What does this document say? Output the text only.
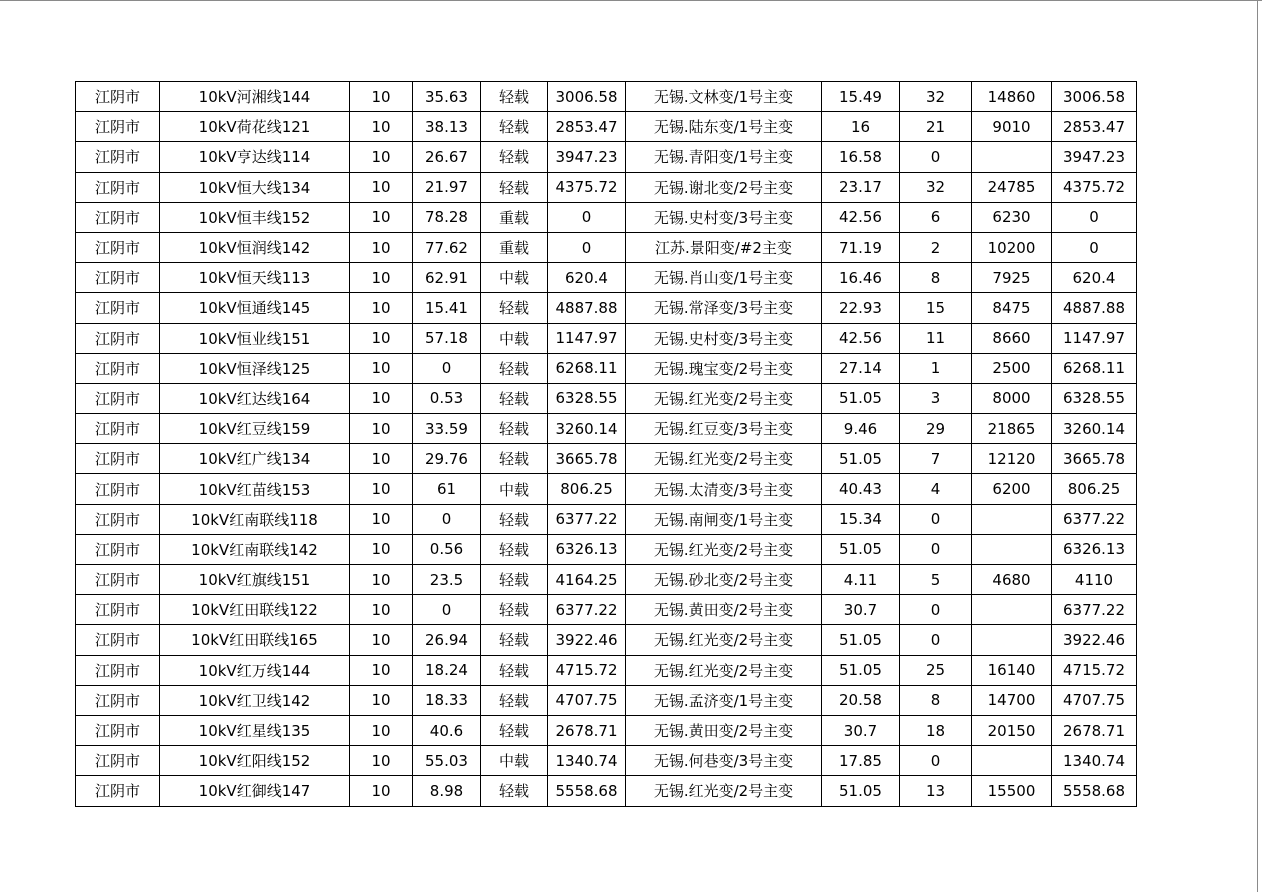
江阴市	10kV河湘线144	10	35.63	轻载	3006.58	无锡.文林变/1号主变	15.49	32	14860	3006.58
江阴市	10kV荷花线121	10	38.13	轻载	2853.47	无锡.陆东变/1号主变	16	21	9010	2853.47
江阴市	10kV亨达线114	10	26.67	轻载	3947.23	无锡.青阳变/1号主变	16.58	0		3947.23
江阴市	10kV恒大线134	10	21.97	轻载	4375.72	无锡.谢北变/2号主变	23.17	32	24785	4375.72
江阴市	10kV恒丰线152	10	78.28	重载	0	无锡.史村变/3号主变	42.56	6	6230	0
江阴市	10kV恒润线142	10	77.62	重载	0	江苏.景阳变/#2主变	71.19	2	10200	0
江阴市	10kV恒天线113	10	62.91	中载	620.4	无锡.肖山变/1号主变	16.46	8	7925	620.4
江阴市	10kV恒通线145	10	15.41	轻载	4887.88	无锡.常泽变/3号主变	22.93	15	8475	4887.88
江阴市	10kV恒业线151	10	57.18	中载	1147.97	无锡.史村变/3号主变	42.56	11	8660	1147.97
江阴市	10kV恒泽线125	10	0	轻载	6268.11	无锡.瑰宝变/2号主变	27.14	1	2500	6268.11
江阴市	10kV红达线164	10	0.53	轻载	6328.55	无锡.红光变/2号主变	51.05	3	8000	6328.55
江阴市	10kV红豆线159	10	33.59	轻载	3260.14	无锡.红豆变/3号主变	9.46	29	21865	3260.14
江阴市	10kV红广线134	10	29.76	轻载	3665.78	无锡.红光变/2号主变	51.05	7	12120	3665.78
江阴市	10kV红苗线153	10	61	中载	806.25	无锡.太清变/3号主变	40.43	4	6200	806.25
江阴市	10kV红南联线118	10	0	轻载	6377.22	无锡.南闸变/1号主变	15.34	0		6377.22
江阴市	10kV红南联线142	10	0.56	轻载	6326.13	无锡.红光变/2号主变	51.05	0		6326.13
江阴市	10kV红旗线151	10	23.5	轻载	4164.25	无锡.砂北变/2号主变	4.11	5	4680	4110
江阴市	10kV红田联线122	10	0	轻载	6377.22	无锡.黄田变/2号主变	30.7	0		6377.22
江阴市	10kV红田联线165	10	26.94	轻载	3922.46	无锡.红光变/2号主变	51.05	0		3922.46
江阴市	10kV红万线144	10	18.24	轻载	4715.72	无锡.红光变/2号主变	51.05	25	16140	4715.72
江阴市	10kV红卫线142	10	18.33	轻载	4707.75	无锡.孟济变/1号主变	20.58	8	14700	4707.75
江阴市	10kV红星线135	10	40.6	轻载	2678.71	无锡.黄田变/2号主变	30.7	18	20150	2678.71
江阴市	10kV红阳线152	10	55.03	中载	1340.74	无锡.何巷变/3号主变	17.85	0		1340.74
江阴市	10kV红御线147	10	8.98	轻载	5558.68	无锡.红光变/2号主变	51.05	13	15500	5558.68
